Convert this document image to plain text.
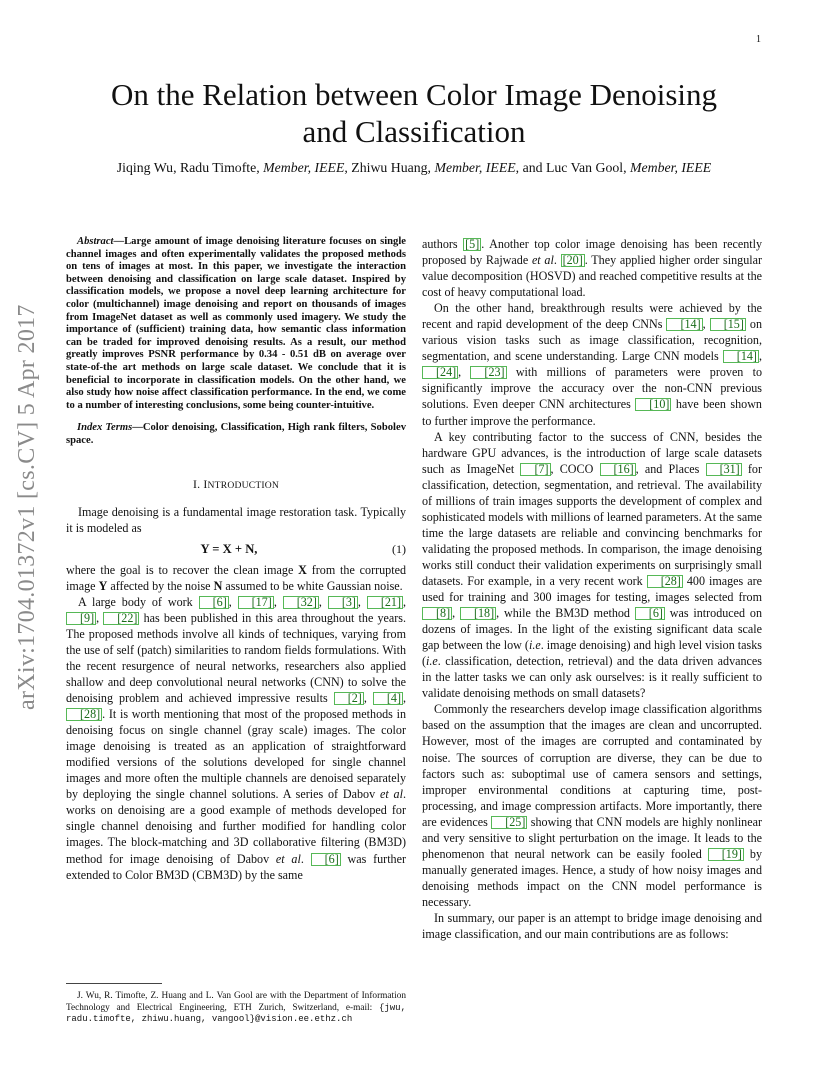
1
arXiv:1704.01372v1 [cs.CV] 5 Apr 2017
On the Relation between Color Image Denoising
and Classification
Jiqing Wu, Radu Timofte, Member, IEEE, Zhiwu Huang, Member, IEEE, and Luc Van Gool, Member, IEEE

Abstract—Large amount of image denoising literature focuses on single channel images and often experimentally validates the proposed methods on tens of images at most. In this paper, we investigate the interaction between denoising and classification on large scale dataset. Inspired by classification models, we propose a novel deep learning architecture for color (multichannel) image denoising and report on thousands of images from ImageNet dataset as well as commonly used imagery. We study the importance of (sufficient) training data, how semantic class information can be traded for improved denoising results. As a result, our method greatly improves PSNR performance by 0.34 - 0.51 dB on average over state-of-the art methods on large scale dataset. We conclude that it is beneficial to incorporate in classification models. On the other hand, we also study how noise affect classification performance. In the end, we come to a number of interesting conclusions, some being counter-intuitive.

Index Terms—Color denoising, Classification, High rank filters, Sobolev space.

I. INTRODUCTION

Image denoising is a fundamental image restoration task. Typically it is modeled as

Y = X + N,	(1)

where the goal is to recover the clean image X from the corrupted image Y affected by the noise N assumed to be white Gaussian noise.

A large body of work [6] , [17] , [32] , [3] , [21] , [9] , [22] has been published in this area throughout the years. The proposed methods involve all kinds of techniques, varying from the use of self (patch) similarities to random fields formulations. With the recent resurgence of neural networks, researchers also applied shallow and deep convolutional neural networks (CNN) to solve the denoising problem and achieved impressive results [2] , [4] , [28] . It is worth mentioning that most of the proposed methods in denoising focus on single channel (gray scale) images. The color image denoising is treated as an application of straightforward modified versions of the solutions developed for single channel images and more often the multiple channels are denoised separately by deploying the single channel solutions. A series of Dabov et al. works on denoising are a good example of methods developed for single channel denoising and further modified for handling color images. The block-matching and 3D collaborative filtering (BM3D) method for image denoising of Dabov et al. [6] was further extended to Color BM3D (CBM3D) by the same

authors [5] . Another top color image denoising has been recently proposed by Rajwade et al. [20] . They applied higher order singular value decomposition (HOSVD) and reached competitive results at the cost of heavy computational load.

On the other hand, breakthrough results were achieved by the recent and rapid development of the deep CNNs [14] , [15] on various vision tasks such as image classification, recognition, segmentation, and scene understanding. Large CNN models [14] , [24] , [23] with millions of parameters were proven to significantly improve the accuracy over the non-CNN previous solutions. Even deeper CNN architectures [10] have been shown to further improve the performance.

A key contributing factor to the success of CNN, besides the hardware GPU advances, is the introduction of large scale datasets such as ImageNet [7] , COCO [16] , and Places [31] for classification, detection, segmentation, and retrieval. The availability of millions of train images supports the development of complex and sophisticated models with millions of learned parameters. At the same time the large datasets are reliable and convincing benchmarks for validating the proposed methods. In comparison, the image denoising works still conduct their validation experiments on surprisingly small datasets. For example, in a very recent work [28] 400 images are used for training and 300 images for testing, images selected from [8] , [18] , while the BM3D method [6] was introduced on dozens of images. In the light of the existing significant data scale gap between the low (i.e. image denoising) and high level vision tasks (i.e. classification, detection, retrieval) and the data driven advances in the latter tasks we can only ask ourselves: is it really sufficient to validate denoising methods on small datasets?

Commonly the researchers develop image classification algorithms based on the assumption that the images are clean and uncorrupted. However, most of the images are corrupted and contaminated by noise. The sources of corruption are diverse, they can be due to factors such as: suboptimal use of camera sensors and settings, improper environmental conditions at capturing time, post-processing, and image compression artifacts. More importantly, there are evidences [25] showing that CNN models are highly nonlinear and very sensitive to slight perturbation on the image. It leads to the phenomenon that neural network can be easily fooled [19] by manually generated images. Hence, a study of how noisy images and denoising methods impact on the CNN model performance is necessary.

In summary, our paper is an attempt to bridge image denoising and image classification, and our main contributions are as follows:

J. Wu, R. Timofte, Z. Huang and L. Van Gool are with the Department of Information Technology and Electrical Engineering, ETH Zurich, Switzerland, e-mail: {jwu, radu.timofte, zhiwu.huang, vangool}@vision.ee.ethz.ch
